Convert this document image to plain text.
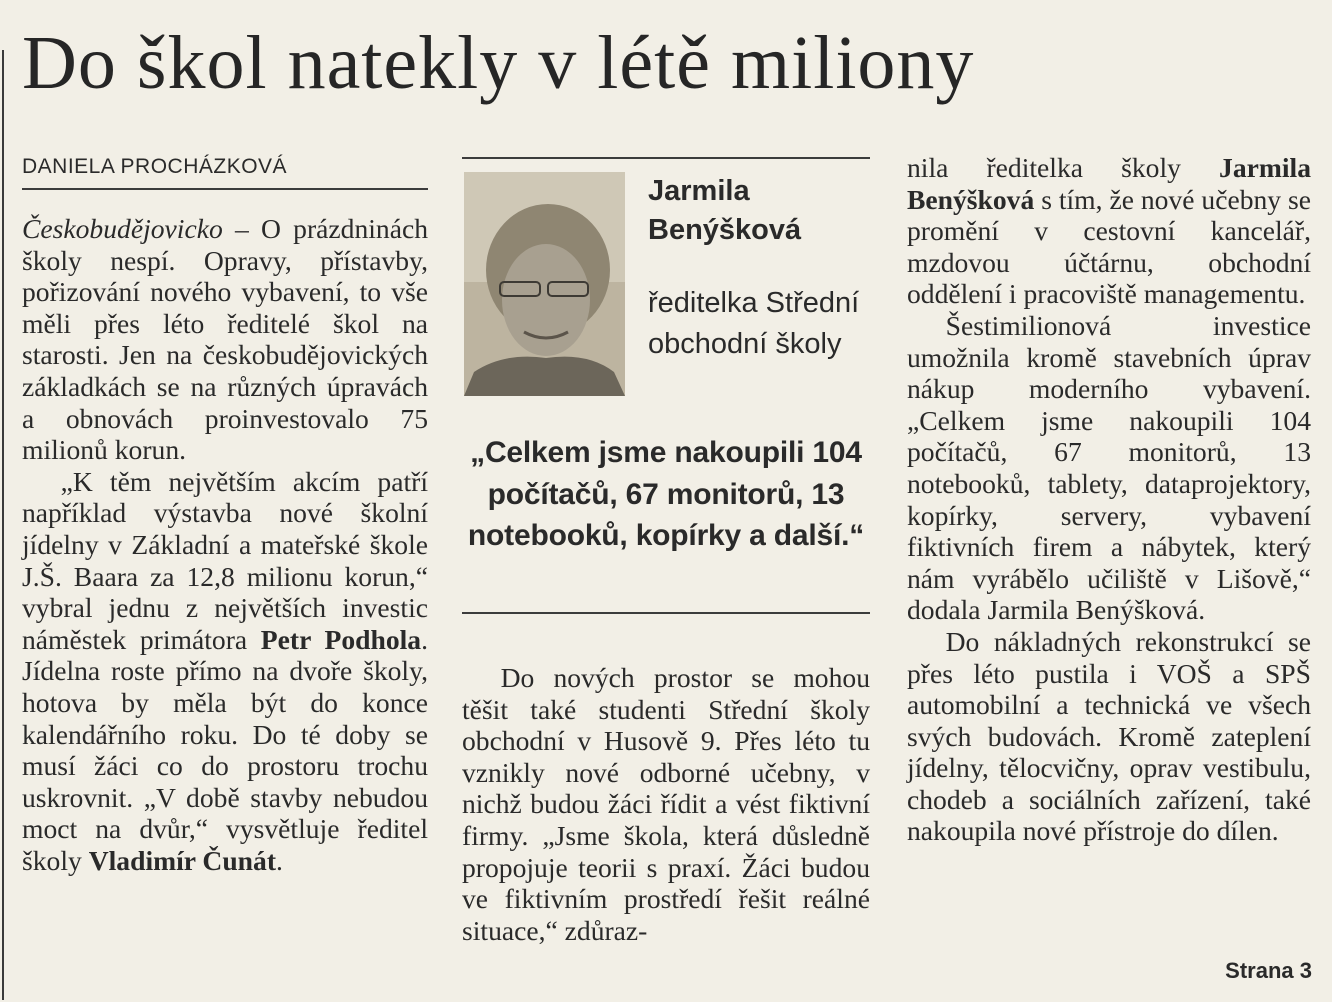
Do škol natekly v létě miliony
DANIELA PROCHÁZKOVÁ

Českobudějovicko – O prázdninách školy nespí. Opravy, přístavby, pořizování nového vybavení, to vše měli přes léto ředitelé škol na starosti. Jen na českobudějovických základkách se na různých úpravách a obnovách proinvestovalo 75 milionů korun.

„K těm největším akcím patří například výstavba nové školní jídelny v Základní a mateřské škole J.Š. Baara za 12,8 milionu korun,“ vybral jednu z největších investic náměstek primátora Petr Podhola. Jídelna roste přímo na dvoře školy, hotova by měla být do konce kalendářního roku. Do té doby se musí žáci co do prostoru trochu uskrovnit. „V době stavby nebudou moct na dvůr,“ vysvětluje ředitel školy Vladimír Čunát.

Jarmila Benýšková
ředitelka Střední obchodní školy
„Celkem jsme nakoupili 104 počítačů, 67 monitorů, 13 notebooků, kopírky a další.“

Do nových prostor se mohou těšit také studenti Střední školy obchodní v Husově 9. Přes léto tu vznikly nové odborné učebny, v nichž budou žáci řídit a vést fiktivní firmy. „Jsme škola, která důsledně propojuje teorii s praxí. Žáci budou ve fiktivním prostředí řešit reálné situace,“ zdůraz-

nila ředitelka školy Jarmila Benýšková s tím, že nové učebny se promění v cestovní kancelář, mzdovou účtárnu, obchodní oddělení i pracoviště managementu.

Šestimilionová investice umožnila kromě stavebních úprav nákup moderního vybavení. „Celkem jsme nakoupili 104 počítačů, 67 monitorů, 13 notebooků, tablety, dataprojektory, kopírky, servery, vybavení fiktivních firem a nábytek, který nám vyrábělo učiliště v Lišově,“ dodala Jarmila Benýšková.

Do nákladných rekonstrukcí se přes léto pustila i VOŠ a SPŠ automobilní a technická ve všech svých budovách. Kromě zateplení jídelny, tělocvičny, oprav vestibulu, chodeb a sociálních zařízení, také nakoupila nové přístroje do dílen.

Strana 3
